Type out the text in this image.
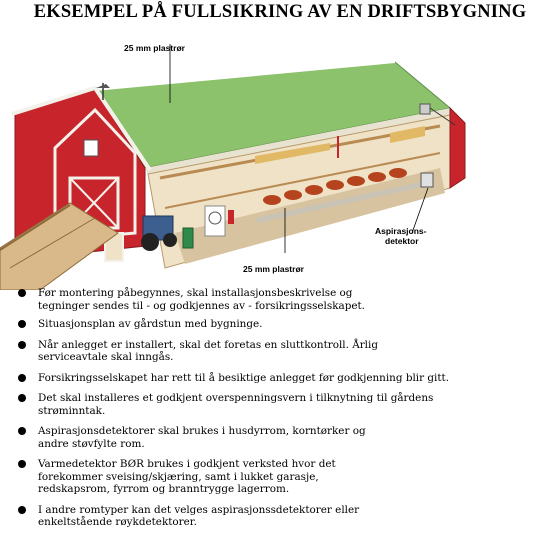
EKSEMPEL PÅ FULLSIKRING AV EN DRIFTSBYGNING
25 mm plastrør
25 mm plastrør
Aspirasjons-
detektor
Før montering påbegynnes, skal installasjonsbeskrivelse og
tegninger sendes til - og godkjennes av - forsikringsselskapet.
Situasjonsplan av gårdstun med bygninge.
Når anlegget er installert, skal det foretas en sluttkontroll. Årlig
serviceavtale skal inngås.
Forsikringsselskapet har rett til å besiktige anlegget før godkjenning blir gitt.
Det skal installeres et godkjent overspenningsvern i tilknytning til gårdens
strøminntak.
Aspirasjonsdetektorer skal brukes i husdyrrom, korntørker og
andre støvfylte rom.
Varmedetektor BØR brukes i godkjent verksted hvor det
forekommer sveising/skjæring, samt i lukket garasje,
redskapsrom, fyrrom og branntrygge lagerrom.
I andre romtyper kan det velges aspirasjonssdetektorer eller
enkeltstående røykdetektorer.
